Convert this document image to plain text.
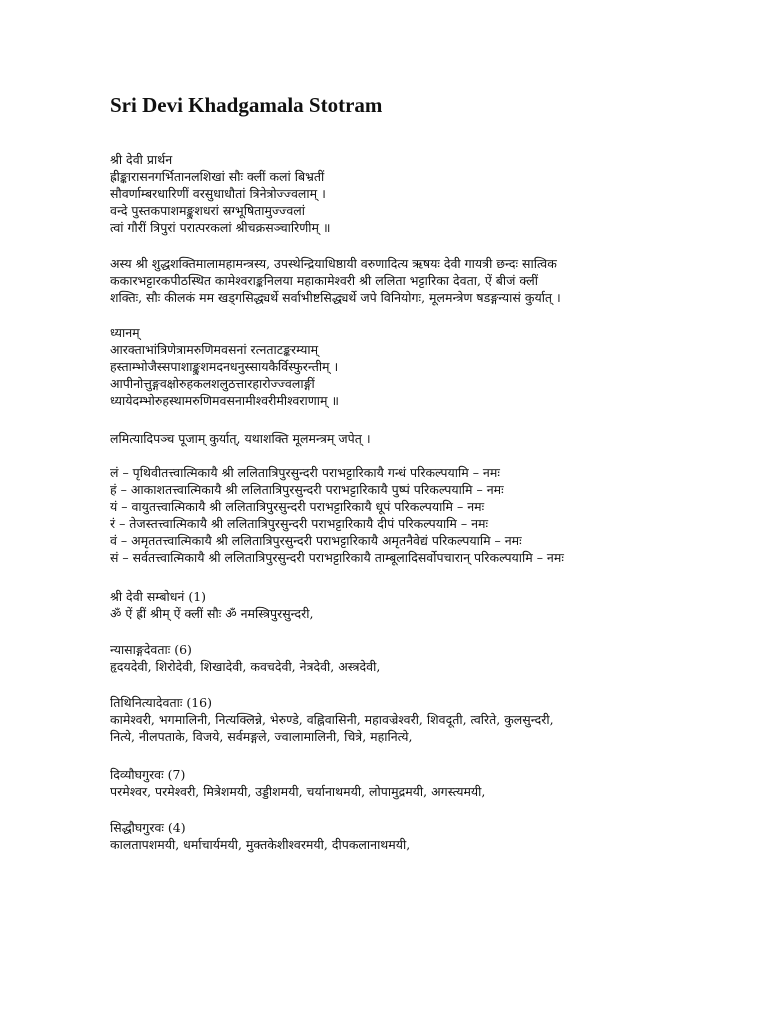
Sri Devi Khadgamala Stotram
श्री देवी प्रार्थन
ह्रीङ्कारासनगर्भितानलशिखां सौः क्लीं कलां बिभ्रतीं
सौवर्णाम्बरधारिणीं वरसुधाधौतां त्रिनेत्रोज्ज्वलाम् ।
वन्दे पुस्तकपाशमङ्कुशधरां स्रग्भूषितामुज्ज्वलां
त्वां गौरीं त्रिपुरां परात्परकलां श्रीचक्रसञ्चारिणीम् ॥
अस्य श्री शुद्धशक्तिमालामहामन्त्रस्य, उपस्थेन्द्रियाधिष्ठायी वरुणादित्य ऋषयः देवी गायत्री छन्दः सात्विक
ककारभट्टारकपीठस्थित कामेश्वराङ्कनिलया महाकामेश्वरी श्री ललिता भट्टारिका देवता, ऐं बीजं क्लीं
शक्तिः, सौः कीलकं मम खड्गसिद्ध्यर्थे सर्वाभीष्टसिद्ध्यर्थे जपे विनियोगः, मूलमन्त्रेण षडङ्गन्यासं कुर्यात् ।
ध्यानम्
आरक्ताभांत्रिणेत्रामरुणिमवसनां रत्नताटङ्करम्याम्
हस्ताम्भोजैस्सपाशाङ्कुशमदनधनुस्सायकैर्विस्फुरन्तीम् ।
आपीनोत्तुङ्गवक्षोरुहकलशलुठत्तारहारोज्ज्वलाङ्गीं
ध्यायेदम्भोरुहस्थामरुणिमवसनामीश्वरीमीश्वराणाम् ॥
लमित्यादिपञ्च पूजाम् कुर्यात्, यथाशक्ति मूलमन्त्रम् जपेत् ।
लं – पृथिवीतत्त्वात्मिकायै श्री ललितात्रिपुरसुन्दरी पराभट्टारिकायै गन्धं परिकल्पयामि – नमः
हं – आकाशतत्त्वात्मिकायै श्री ललितात्रिपुरसुन्दरी पराभट्टारिकायै पुष्पं परिकल्पयामि – नमः
यं – वायुतत्त्वात्मिकायै श्री ललितात्रिपुरसुन्दरी पराभट्टारिकायै धूपं परिकल्पयामि – नमः
रं – तेजस्तत्त्वात्मिकायै श्री ललितात्रिपुरसुन्दरी पराभट्टारिकायै दीपं परिकल्पयामि – नमः
वं – अमृततत्त्वात्मिकायै श्री ललितात्रिपुरसुन्दरी पराभट्टारिकायै अमृतनैवेद्यं परिकल्पयामि – नमः
सं – सर्वतत्त्वात्मिकायै श्री ललितात्रिपुरसुन्दरी पराभट्टारिकायै ताम्बूलादिसर्वोपचारान् परिकल्पयामि – नमः
श्री देवी सम्बोधनं (1)
ॐ ऐं ह्रीं श्रीम् ऐं क्लीं सौः ॐ नमस्त्रिपुरसुन्दरी,
न्यासाङ्गदेवताः (6)
हृदयदेवी, शिरोदेवी, शिखादेवी, कवचदेवी, नेत्रदेवी, अस्त्रदेवी,
तिथिनित्यादेवताः (16)
कामेश्वरी, भगमालिनी, नित्यक्लिन्ने, भेरुण्डे, वह्निवासिनी, महावज्रेश्वरी, शिवदूती, त्वरिते, कुलसुन्दरी,
नित्ये, नीलपताके, विजये, सर्वमङ्गले, ज्वालामालिनी, चित्रे, महानित्ये,
दिव्यौघगुरवः (7)
परमेश्वर, परमेश्वरी, मित्रेशमयी, उड्डीशमयी, चर्यानाथमयी, लोपामुद्रमयी, अगस्त्यमयी,
सिद्धौघगुरवः (4)
कालतापशमयी, धर्माचार्यमयी, मुक्तकेशीश्वरमयी, दीपकलानाथमयी,
